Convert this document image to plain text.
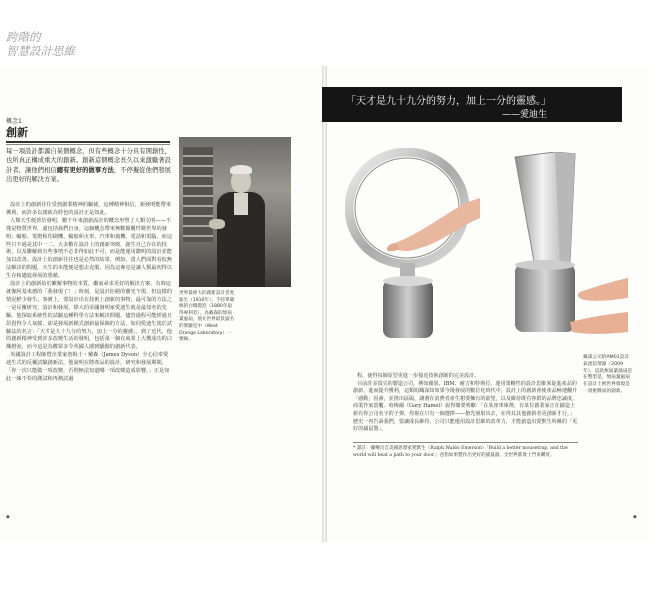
跨階的
智慧設計思維
概念1
創新
每一項設計都源自某個概念，但有些概念十分具有開創性，也所真正構成重大的創新。創新這個概念長久以來激勵著設計者，讓他們相信總有更好的做事方法，不停擬從他們發展出更好的解決方案。

設計上的創新往往受到創業精神的驅使，這種精神相信，新發明能帶來獲利，而許多以創新為特色的設計正是如此。

人類天生便善於發明，數千年來創新設計的概念形塑了人類文明——不僅是物質世界，還包括我們自身。這個概念帶來無數顛覆性變世界的發明：輪船、電燈和印刷機、輪船和火車、汽車和飛機、電話和電腦，而這些只不過是其中一二。大多數在設計上的創新突破，誕生自己存在的技術，以及聯解到有些事情不必非得如此不可，而是能運用聰明的設計並能加以改善。設計上的創新往往也是必然的結果，例如，當人們面對看似無法解決的問題，天生的本能便是想去克服，因為這專克是讓人類最初得以生存和邁進發展的憑藉。

設計上的創新始於瞭解事物的本質，繼而尋求更好的解決方案，有時這就像阿基米德的「我發現了！」時刻，是設計拒絕的靈光乍現，但這樣的情況鮮少發生。事實上，要設計出在技術上創新的事物，最可靠的方法之一是反覆研究、設計和發展，偉大的美國發明家愛迪生就是最知名的先驅。他探取系統性的試驗這種科學方法來解決問題，儘管過程可能經過且昂貴得令人氣餒，卻是發展新穎式創新最保險的方法，如同愛迪生篤於試驗法的名言：「天才是九十九分的努力，加上一分的靈感」。到了近代，他的創新精神受到許多改變生活的發明，包括第一個在商業上大獲成功的白熾燈泡，而今這是為數眾多令英國人感到驕傲的創新代表。

英國設計工程師暨企業家詹姆士・戴森（James Dyson）全心信奉愛迪生式的反覆試驗創新法，他說明在將產品的設計，研究和發展期間，「你一次只能做一項改變，否則無法知道哪一項改變造成影響。」正是如此一絲不苟的測試和再測試過

世界最偉大的創新設計者愛迪生（1910年），手持單碳絲的白熾燈泡（1880年取得專利者），為戴森的無扇葉風扇，他在世界最負盛名的實驗室中（West Orange Laboratory）一號線。
「天才是九十九分的努力，加上一分的靈感。」
——愛迪生

程，使得每個原型更進一步接近技術創新的完美設計。

目前許多頂尖的製造公司，例如蘋果、IBM、耐吉和特斯拉，運用策略性的設計思維來促進產品的創新，進而提升獲利，這類組織深知如果今後發展的數位化時代中，設計上的創新會使產品極速翻升「感動」因素，並推出區隔，讓潛在消費者產生想要擁有的欲望，以及維持既有客群的品牌忠誠度。商業作家當艦．哈梅爾（Gary Hamel）說得簡要明瞭：「在某座車庫裡，有某位創業家正在鑄造上新有你公司名字的子彈，你現在只有一個選擇——搶先發射出去，在得其其他創新者更創新才行。」歷史一再告訴我們，要讓成長維持，公司只能運用設計思維的改革力，才能創造出愛默生所稱的「更好的捕鼠器」。

* 譯註：據傳出自美國思想家愛默生（Ralph Waldo Emerson）「Build a better mousetrap, and the world will beat a path to your door.」意指如果製作出更好的捕鼠器，全世界都會上門來購買。
戴森公司的AM01設計氣流倍增器（2009年），這款無扇葉風扇是在整型是，無扇葉風扇在設計上被世界發現是一項挑戰成的創新。
◆	◆
